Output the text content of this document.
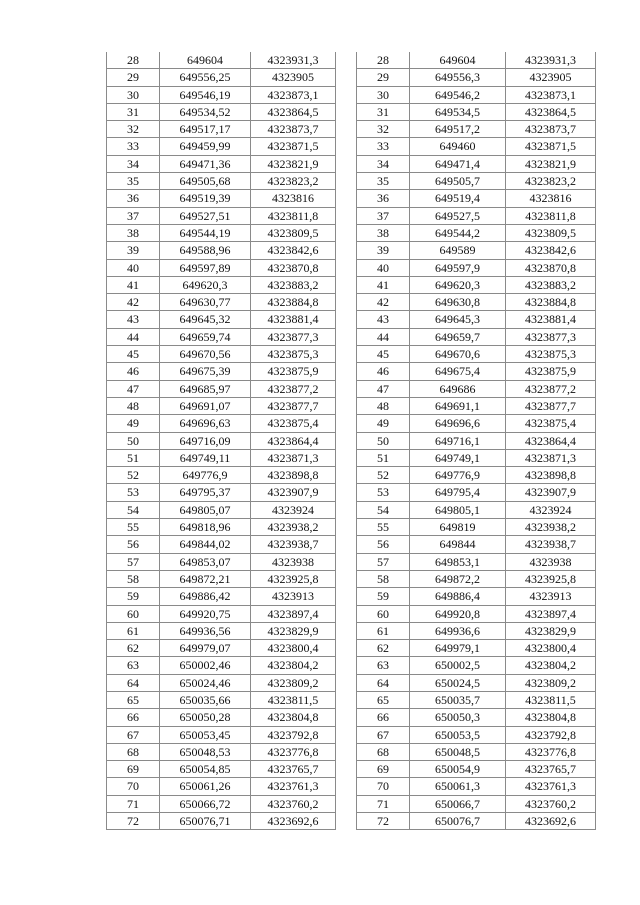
28	649604	4323931,3
29	649556,25	4323905
30	649546,19	4323873,1
31	649534,52	4323864,5
32	649517,17	4323873,7
33	649459,99	4323871,5
34	649471,36	4323821,9
35	649505,68	4323823,2
36	649519,39	4323816
37	649527,51	4323811,8
38	649544,19	4323809,5
39	649588,96	4323842,6
40	649597,89	4323870,8
41	649620,3	4323883,2
42	649630,77	4323884,8
43	649645,32	4323881,4
44	649659,74	4323877,3
45	649670,56	4323875,3
46	649675,39	4323875,9
47	649685,97	4323877,2
48	649691,07	4323877,7
49	649696,63	4323875,4
50	649716,09	4323864,4
51	649749,11	4323871,3
52	649776,9	4323898,8
53	649795,37	4323907,9
54	649805,07	4323924
55	649818,96	4323938,2
56	649844,02	4323938,7
57	649853,07	4323938
58	649872,21	4323925,8
59	649886,42	4323913
60	649920,75	4323897,4
61	649936,56	4323829,9
62	649979,07	4323800,4
63	650002,46	4323804,2
64	650024,46	4323809,2
65	650035,66	4323811,5
66	650050,28	4323804,8
67	650053,45	4323792,8
68	650048,53	4323776,8
69	650054,85	4323765,7
70	650061,26	4323761,3
71	650066,72	4323760,2
72	650076,71	4323692,6
28	649604	4323931,3
29	649556,3	4323905
30	649546,2	4323873,1
31	649534,5	4323864,5
32	649517,2	4323873,7
33	649460	4323871,5
34	649471,4	4323821,9
35	649505,7	4323823,2
36	649519,4	4323816
37	649527,5	4323811,8
38	649544,2	4323809,5
39	649589	4323842,6
40	649597,9	4323870,8
41	649620,3	4323883,2
42	649630,8	4323884,8
43	649645,3	4323881,4
44	649659,7	4323877,3
45	649670,6	4323875,3
46	649675,4	4323875,9
47	649686	4323877,2
48	649691,1	4323877,7
49	649696,6	4323875,4
50	649716,1	4323864,4
51	649749,1	4323871,3
52	649776,9	4323898,8
53	649795,4	4323907,9
54	649805,1	4323924
55	649819	4323938,2
56	649844	4323938,7
57	649853,1	4323938
58	649872,2	4323925,8
59	649886,4	4323913
60	649920,8	4323897,4
61	649936,6	4323829,9
62	649979,1	4323800,4
63	650002,5	4323804,2
64	650024,5	4323809,2
65	650035,7	4323811,5
66	650050,3	4323804,8
67	650053,5	4323792,8
68	650048,5	4323776,8
69	650054,9	4323765,7
70	650061,3	4323761,3
71	650066,7	4323760,2
72	650076,7	4323692,6
